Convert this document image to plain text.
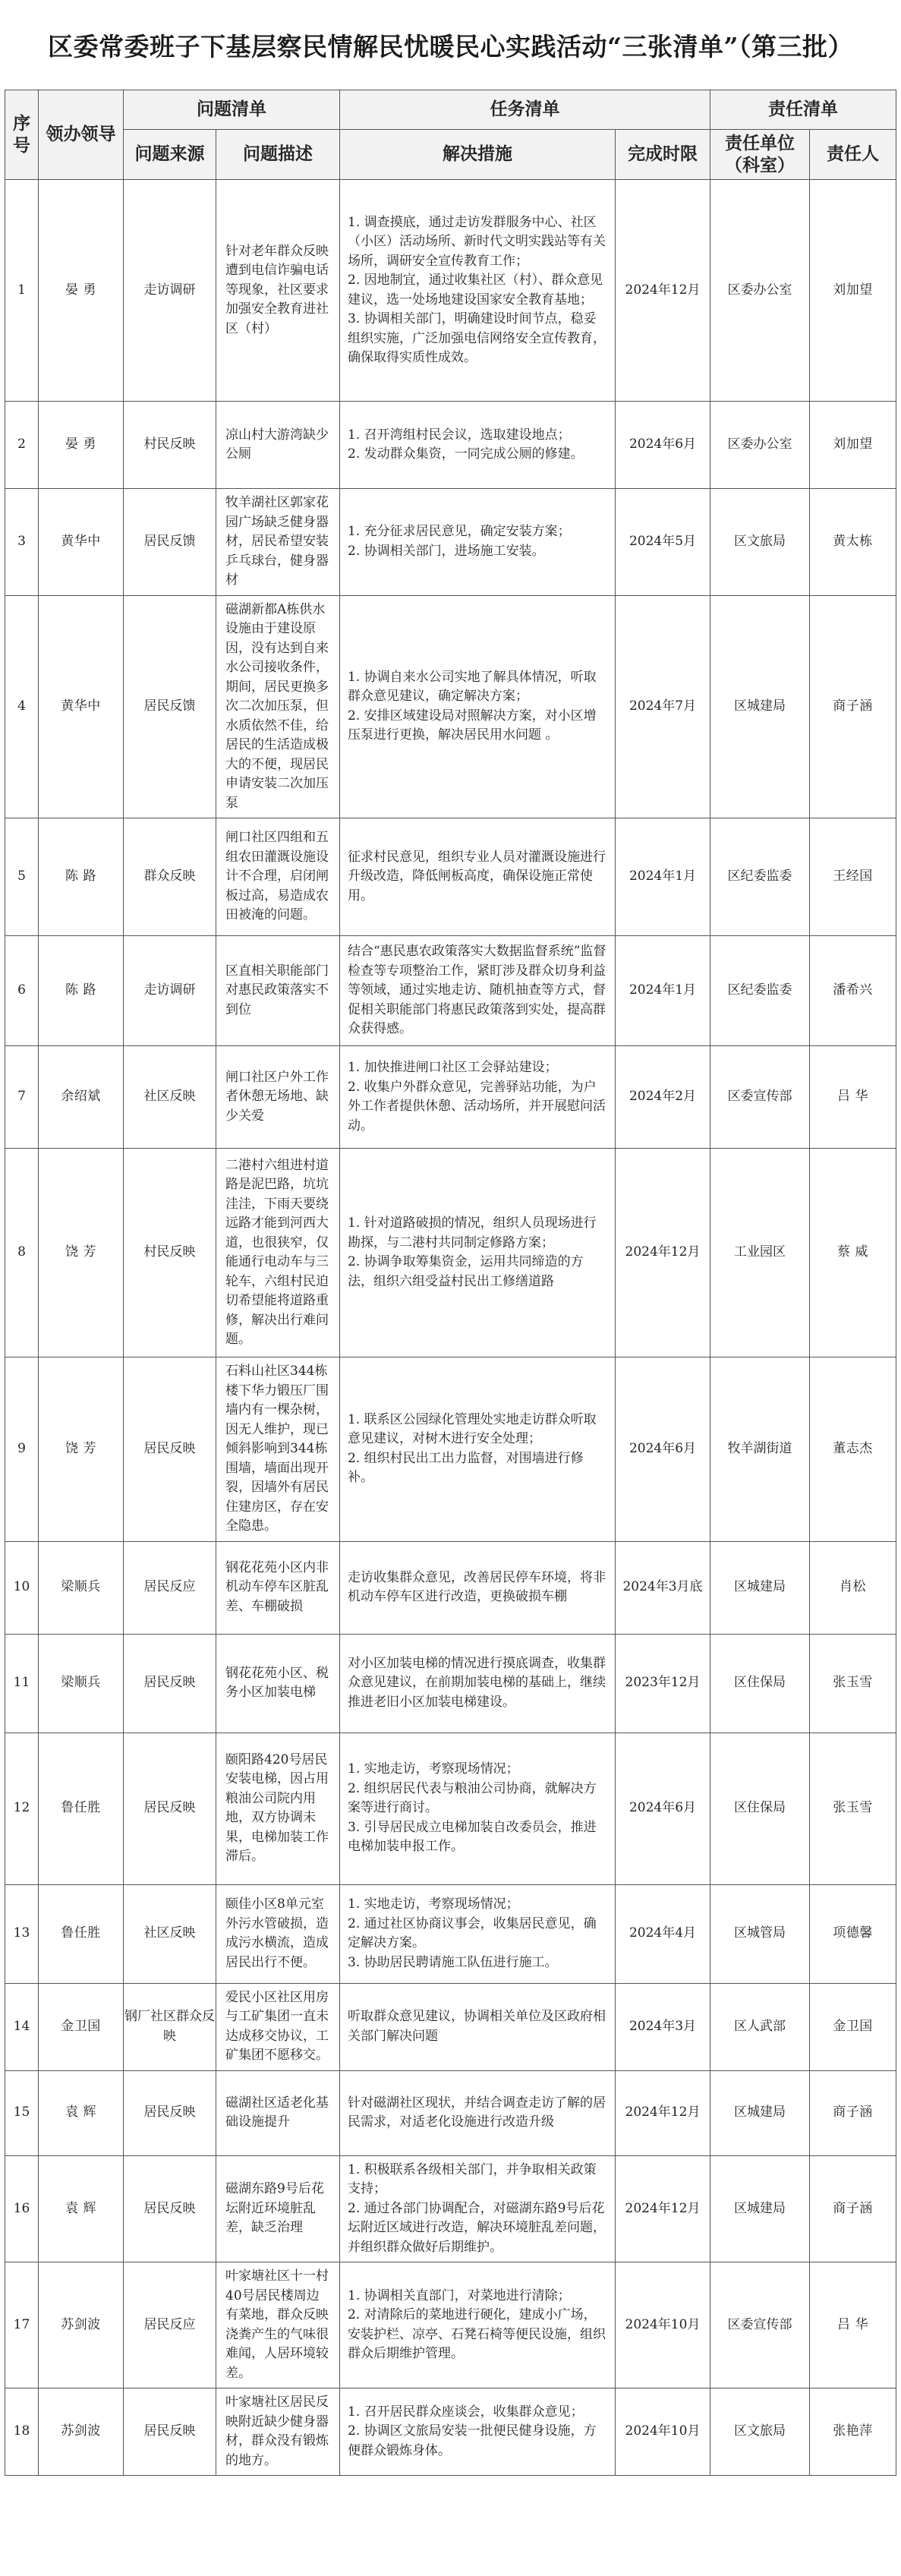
区委常委班子下基层察民情解民忧暖民心实践活动“三张清单”（第三批）
序号	领办领导	问题清单		任务清单		责任清单	
		问题来源	问题描述	解决措施	完成时限	责任单位（科室）	责任人
1	晏 勇	走访调研	针对老年群众反映遭到电信诈骗电话等现象，社区要求加强安全教育进社区（村）	1. 调查摸底，通过走访发群服务中心、社区（小区）活动场所、新时代文明实践站等有关场所，调研安全宣传教育工作；
2. 因地制宜，通过收集社区（村）、群众意见建议，选一处场地建设国家安全教育基地；
3. 协调相关部门，明确建设时间节点，稳妥组织实施，广泛加强电信网络安全宣传教育，确保取得实质性成效。	2024年12月	区委办公室	刘加望
2	晏 勇	村民反映	凉山村大游湾缺少公厕	1. 召开湾组村民会议，选取建设地点；
2. 发动群众集资，一同完成公厕的修建。	2024年6月	区委办公室	刘加望
3	黄华中	居民反馈	牧羊湖社区郭家花园广场缺乏健身器材，居民希望安装乒乓球台，健身器材	1. 充分征求居民意见，确定安装方案；
2. 协调相关部门，进场施工安装。	2024年5月	区文旅局	黄太栋
4	黄华中	居民反馈	磁湖新都A栋供水设施由于建设原因，没有达到自来水公司接收条件，期间，居民更换多次二次加压泵，但水质依然不佳，给居民的生活造成极大的不便，现居民申请安装二次加压泵	1. 协调自来水公司实地了解具体情况，听取群众意见建议，确定解决方案；
2. 安排区域建设局对照解决方案，对小区增压泵进行更换，解决居民用水问题 。	2024年7月	区城建局	商子涵
5	陈 路	群众反映	闸口社区四组和五组农田灌溉设施设计不合理，启闭闸板过高，易造成农田被淹的问题。	征求村民意见，组织专业人员对灌溉设施进行升级改造，降低闸板高度，确保设施正常使用。	2024年1月	区纪委监委	王经国
6	陈 路	走访调研	区直相关职能部门对惠民政策落实不到位	结合“惠民惠农政策落实大数据监督系统”监督检查等专项整治工作，紧盯涉及群众切身利益等领域，通过实地走访、随机抽查等方式，督促相关职能部门将惠民政策落到实处，提高群众获得感。	2024年1月	区纪委监委	潘希兴
7	余绍斌	社区反映	闸口社区户外工作者休憩无场地、缺少关爱	1. 加快推进闸口社区工会驿站建设；
2. 收集户外群众意见，完善驿站功能，为户外工作者提供休憩、活动场所，并开展慰问活动。	2024年2月	区委宣传部	吕 华
8	饶 芳	村民反映	二港村六组进村道路是泥巴路，坑坑洼洼，下雨天要绕远路才能到河西大道，也很狭窄，仅能通行电动车与三轮车，六组村民迫切希望能将道路重修，解决出行难问题。	1. 针对道路破损的情况，组织人员现场进行勘探，与二港村共同制定修路方案；
2. 协调争取筹集资金，运用共同缔造的方法，组织六组受益村民出工修缮道路	2024年12月	工业园区	蔡 威
9	饶 芳	居民反映	石料山社区344栋楼下华力锻压厂围墙内有一棵杂树，因无人维护，现已倾斜影响到344栋围墙，墙面出现开裂，因墙外有居民住建房区，存在安全隐患。	1. 联系区公园绿化管理处实地走访群众听取意见建议，对树木进行安全处理；
2. 组织村民出工出力监督，对围墙进行修补。	2024年6月	牧羊湖街道	董志杰
10	梁顺兵	居民反应	钢花花苑小区内非机动车停车区脏乱差、车棚破损	走访收集群众意见，改善居民停车环境，将非机动车停车区进行改造，更换破损车棚	2024年3月底	区城建局	肖松
11	梁顺兵	居民反映	钢花花苑小区、税务小区加装电梯	对小区加装电梯的情况进行摸底调查，收集群众意见建议，在前期加装电梯的基础上，继续推进老旧小区加装电梯建设。	2023年12月	区住保局	张玉雪
12	鲁任胜	居民反映	颐阳路420号居民安装电梯，因占用粮油公司院内用地，双方协调未果，电梯加装工作滞后。	1. 实地走访，考察现场情况；
2. 组织居民代表与粮油公司协商，就解决方案等进行商讨。
3. 引导居民成立电梯加装自改委员会，推进电梯加装申报工作。	2024年6月	区住保局	张玉雪
13	鲁任胜	社区反映	颐佳小区8单元室外污水管破损，造成污水横流，造成居民出行不便。	1. 实地走访，考察现场情况；
2. 通过社区协商议事会，收集居民意见，确定解决方案。
3. 协助居民聘请施工队伍进行施工。	2024年4月	区城管局	项德馨
14	金卫国	钢厂社区群众反映	爱民小区社区用房与工矿集团一直未达成移交协议，工矿集团不愿移交。	听取群众意见建议，协调相关单位及区政府相关部门解决问题	2024年3月	区人武部	金卫国
15	袁 辉	居民反映	磁湖社区适老化基础设施提升	针对磁湖社区现状，并结合调查走访了解的居民需求，对适老化设施进行改造升级	2024年12月	区城建局	商子涵
16	袁 辉	居民反映	磁湖东路9号后花坛附近环境脏乱差，缺乏治理	1. 积极联系各级相关部门，并争取相关政策支持；
2. 通过各部门协调配合，对磁湖东路9号后花坛附近区域进行改造，解决环境脏乱差问题，并组织群众做好后期维护。	2024年12月	区城建局	商子涵
17	苏剑波	居民反应	叶家塘社区十一村40号居民楼周边有菜地，群众反映浇粪产生的气味很难闻，人居环境较差。	1. 协调相关直部门，对菜地进行清除；
2. 对清除后的菜地进行硬化，建成小广场，安装护栏、凉亭、石凳石椅等便民设施，组织群众后期维护管理。	2024年10月	区委宣传部	吕 华
18	苏剑波	居民反映	叶家塘社区居民反映附近缺少健身器材，群众没有锻炼的地方。	1. 召开居民群众座谈会，收集群众意见；
2. 协调区文旅局安装一批便民健身设施，方便群众锻炼身体。	2024年10月	区文旅局	张艳萍
